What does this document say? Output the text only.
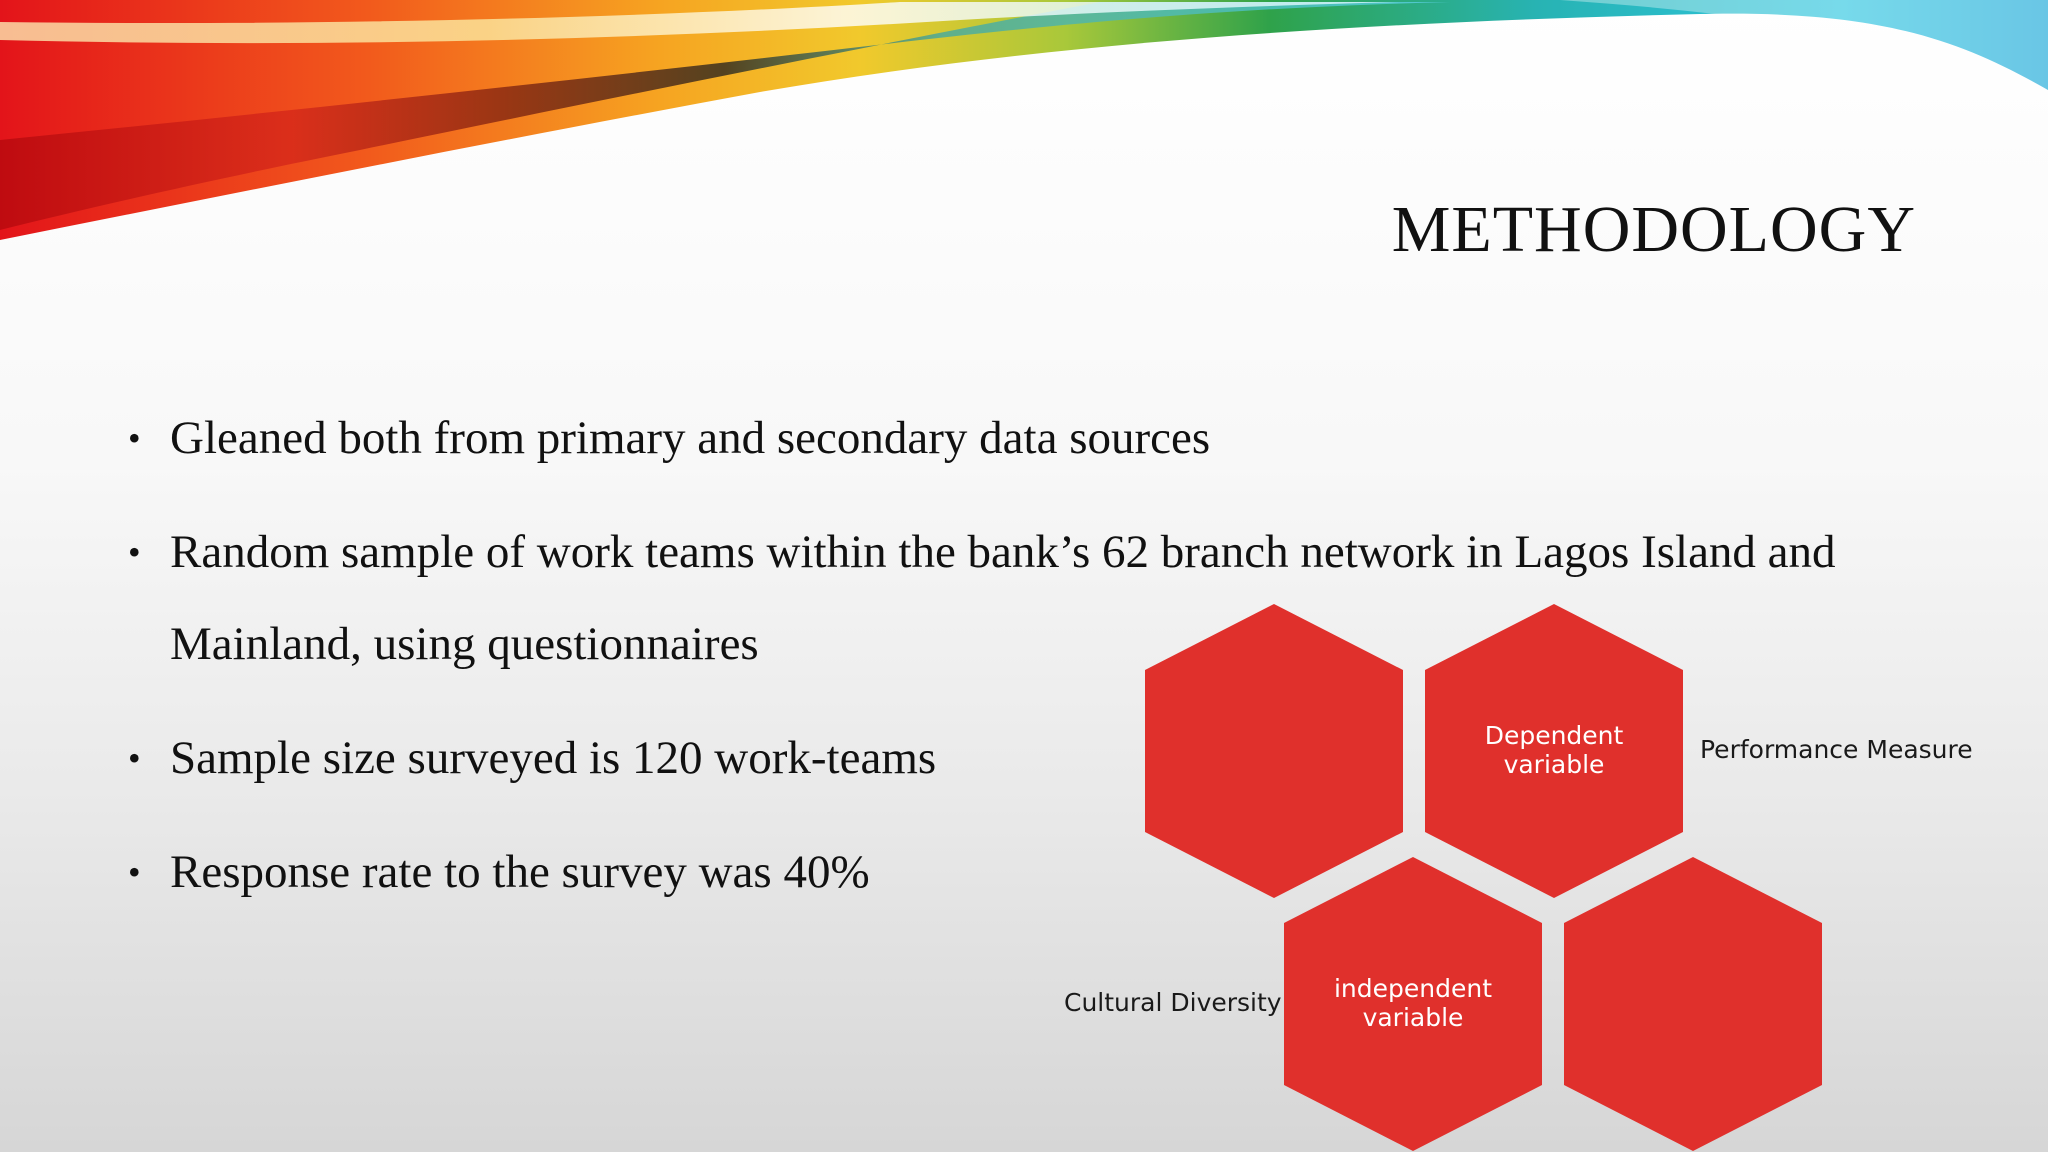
METHODOLOGY
• Gleaned both from primary and secondary data sources
• Random sample of work teams within the bank’s 62 branch network in Lagos Island and Mainland, using questionnaires
• Sample size surveyed is 120 work-teams
• Response rate to the survey was 40%
Dependent
variable
independent
variable
Performance Measure
Cultural Diversity
